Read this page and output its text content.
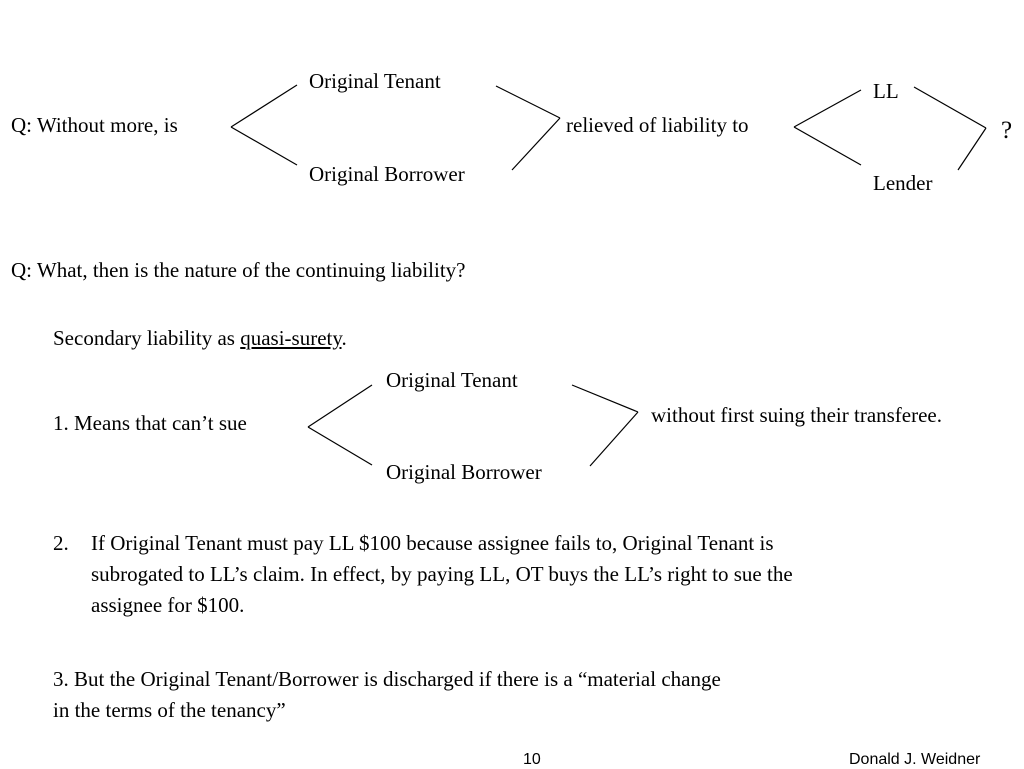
Q: Without more, is
Original Tenant
Original Borrower
relieved of liability to
LL
Lender
?
Q: What, then is the nature of the continuing liability?
Secondary liability as quasi-surety.
1. Means that can’t sue
Original Tenant
Original Borrower
without first suing their transferee.
2. If Original Tenant must pay LL $100 because assignee fails to, Original Tenant is
subrogated to LL’s claim. In effect, by paying LL, OT buys the LL’s right to sue the
assignee for $100.
3. But the Original Tenant/Borrower is discharged if there is a “material change
in the terms of the tenancy”
10	Donald J. Weidner
